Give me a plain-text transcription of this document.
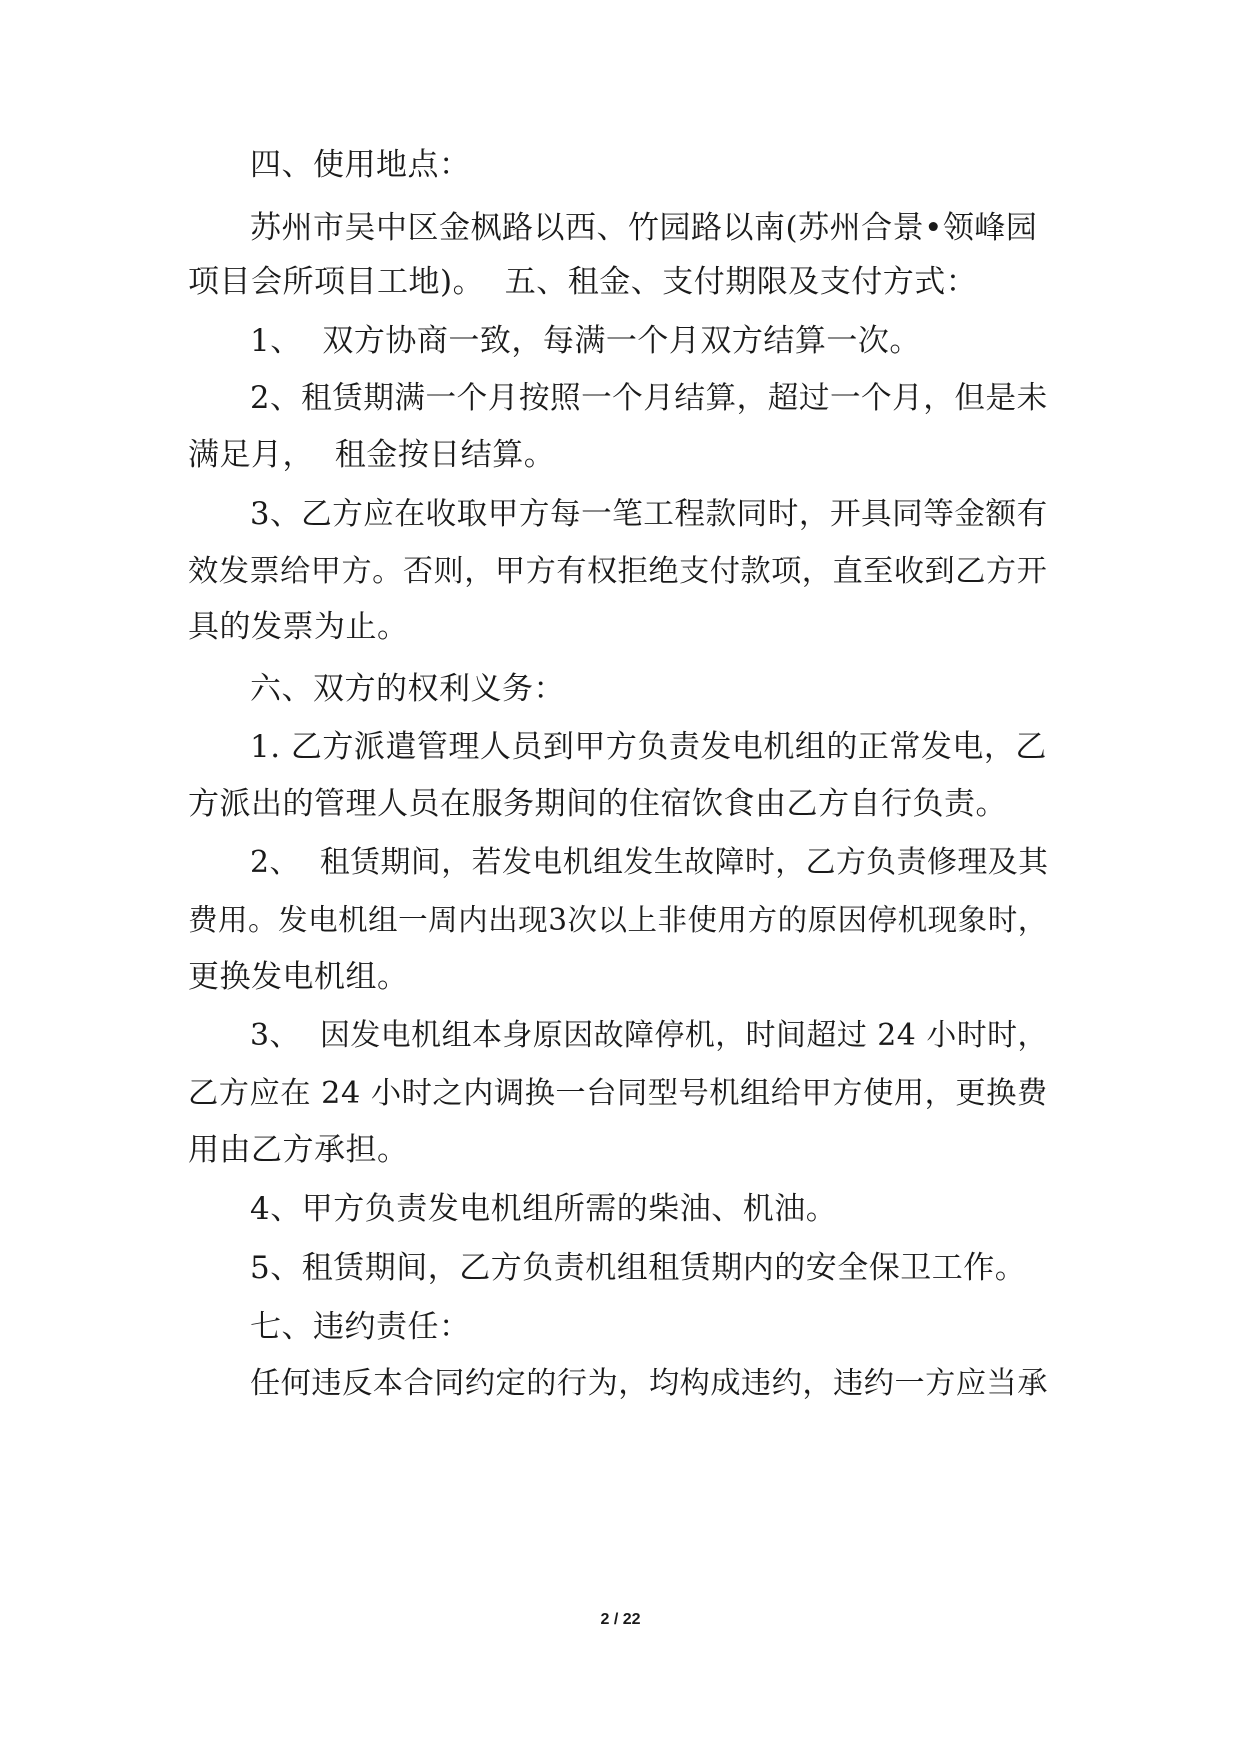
四、使用地点：
苏州市吴中区金枫路以西、竹园路以南(苏州合景•领峰园
项目会所项目工地)。  五、租金、支付期限及支付方式：
1、  双方协商一致，每满一个月双方结算一次。
2、租赁期满一个月按照一个月结算，超过一个月，但是未
满足月，  租金按日结算。
3、乙方应在收取甲方每一笔工程款同时，开具同等金额有
效发票给甲方。否则，甲方有权拒绝支付款项，直至收到乙方开
具的发票为止。
六、双方的权利义务：
1. 乙方派遣管理人员到甲方负责发电机组的正常发电，乙
方派出的管理人员在服务期间的住宿饮食由乙方自行负责。
2、  租赁期间，若发电机组发生故障时，乙方负责修理及其
费用。发电机组一周内出现3次以上非使用方的原因停机现象时，
更换发电机组。
3、  因发电机组本身原因故障停机，时间超过 24 小时时，
乙方应在 24 小时之内调换一台同型号机组给甲方使用，更换费
用由乙方承担。
4、甲方负责发电机组所需的柴油、机油。
5、租赁期间，乙方负责机组租赁期内的安全保卫工作。
七、违约责任：
任何违反本合同约定的行为，均构成违约，违约一方应当承
2 / 22
